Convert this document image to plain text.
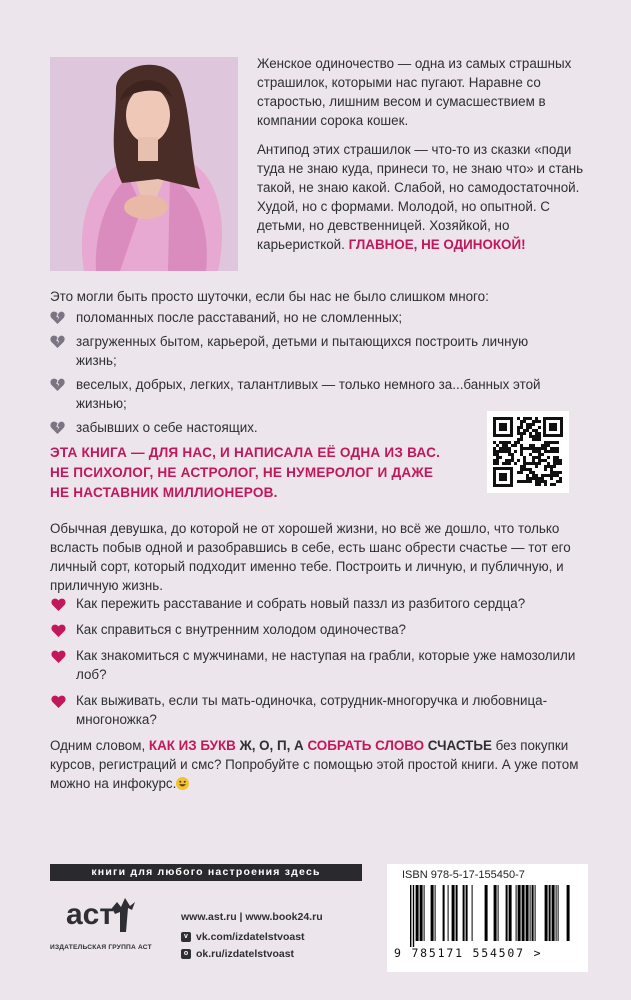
Женское одиночество — одна из самых страшных страшилок, которыми нас пугают. Наравне со старостью, лишним весом и сумасшествием в компании сорока кошек.

Антипод этих страшилок — что-то из сказки «поди туда не знаю куда, принеси то, не знаю что» и стань такой, не знаю какой. Слабой, но самодостаточной. Худой, но с формами. Молодой, но опытной. С детьми, но девственницей. Хозяйкой, но карьеристкой. ГЛАВНОЕ, НЕ ОДИНОКОЙ!

Это могли быть просто шуточки, если бы нас не было слишком много:
поломанных после расставаний, но не сломленных;
загруженных бытом, карьерой, детьми и пытающихся построить личную жизнь;
веселых, добрых, легких, талантливых — только немного за...банных этой жизнью;
забывших о себе настоящих.
ЭТА КНИГА — ДЛЯ НАС, И НАПИСАЛА ЕЁ ОДНА ИЗ ВАС.
НЕ ПСИХОЛОГ, НЕ АСТРОЛОГ, НЕ НУМЕРОЛОГ И ДАЖЕ
НЕ НАСТАВНИК МИЛЛИОНЕРОВ.
Обычная девушка, до которой не от хорошей жизни, но всё же дошло, что только всласть побыв одной и разобравшись в себе, есть шанс обрести счастье — тот его личный сорт, который подходит именно тебе. Построить и личную, и публичную, и приличную жизнь.
Как пережить расставание и собрать новый паззл из разбитого сердца?
Как справиться с внутренним холодом одиночества?
Как знакомиться с мужчинами, не наступая на грабли, которые уже намозолили лоб?
Как выживать, если ты мать-одиночка, сотрудник-многоручка и любовница-многоножка?
Одним словом, КАК ИЗ БУКВ Ж, О, П, А СОБРАТЬ СЛОВО СЧАСТЬЕ без покупки курсов, регистраций и смс? Попробуйте с помощью этой простой книги. А уже потом можно на инфокурс.
книги для любого настроения здесь
аст
ИЗДАТЕЛЬСКАЯ ГРУППА АСТ
www.ast.ru | www.book24.ru
v vk.com/izdatelstvoast
o ok.ru/izdatelstvoast
ISBN 978-5-17-155450-7
9 785171 554507 >
